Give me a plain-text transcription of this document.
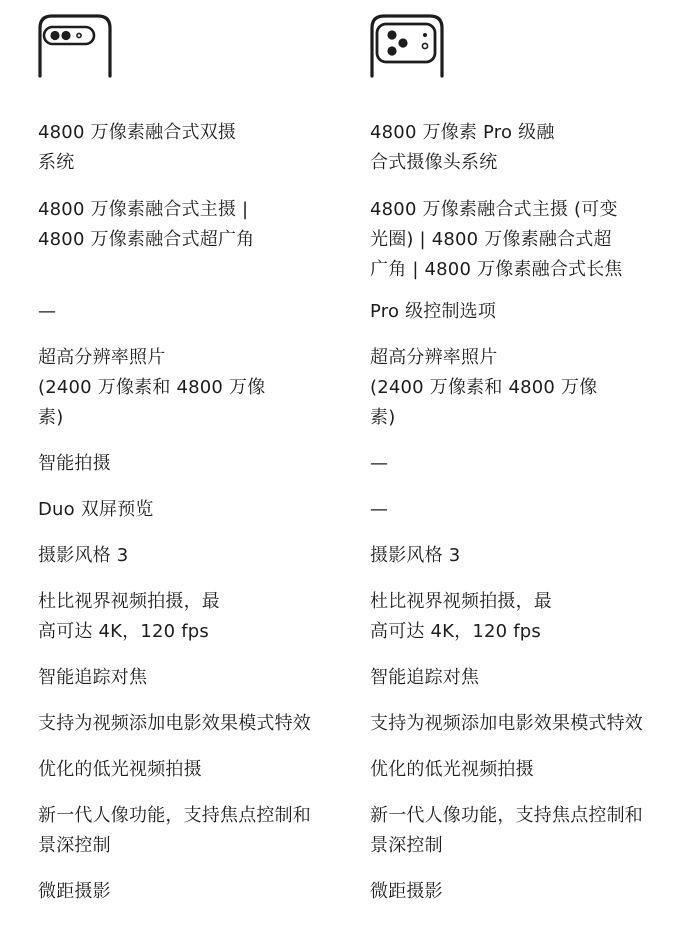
4800 万像素融合式双摄
系统
4800 万像素融合式主摄 |
4800 万像素融合式超广角
—
超高分辨率照片
(2400 万像素和 4800 万像
素)
智能拍摄
Duo 双屏预览
摄影风格 3
杜比视界视频拍摄，最
高可达 4K，120 fps
智能追踪对焦
支持为视频添加电影效果模式特效
优化的低光视频拍摄
新一代人像功能，支持焦点控制和
景深控制
微距摄影
4800 万像素 Pro 级融
合式摄像头系统
4800 万像素融合式主摄 (可变
光圈) | 4800 万像素融合式超
广角 | 4800 万像素融合式长焦
Pro 级控制选项
超高分辨率照片
(2400 万像素和 4800 万像
素)
—
—
摄影风格 3
杜比视界视频拍摄，最
高可达 4K，120 fps
智能追踪对焦
支持为视频添加电影效果模式特效
优化的低光视频拍摄
新一代人像功能，支持焦点控制和
景深控制
微距摄影
